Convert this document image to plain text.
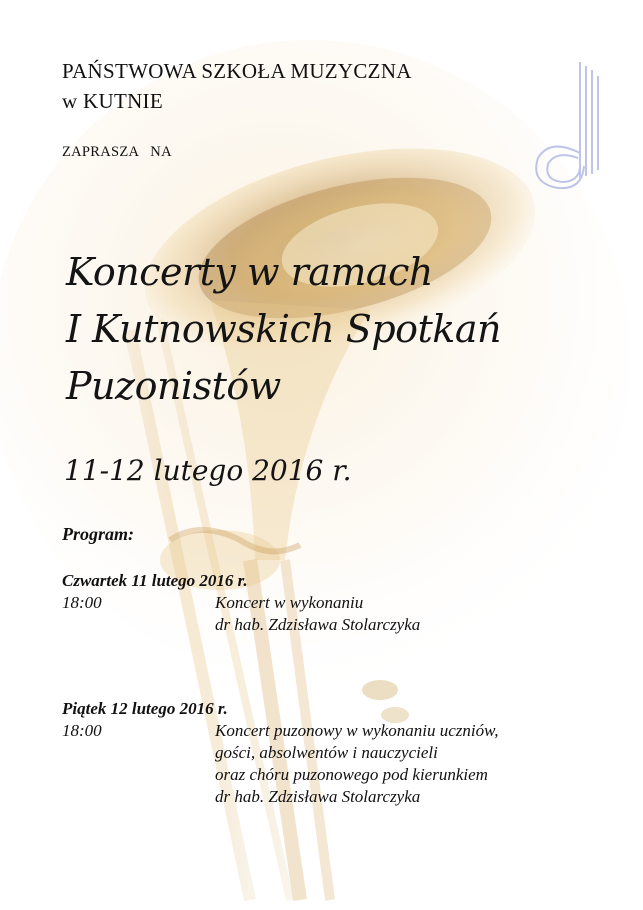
PAŃSTWOWA SZKOŁA MUZYCZNA
w KUTNIE
ZAPRASZA   NA
Koncerty w ramach
I Kutnowskich Spotkań
Puzonistów
11-12 lutego 2016 r.
Program:
Czwartek 11 lutego 2016 r.
18:00	Koncert w wykonaniu
dr hab. Zdzisława Stolarczyka
Piątek 12 lutego 2016 r.
18:00	Koncert puzonowy w wykonaniu uczniów,
gości, absolwentów i nauczycieli
oraz chóru puzonowego pod kierunkiem
dr hab. Zdzisława Stolarczyka
